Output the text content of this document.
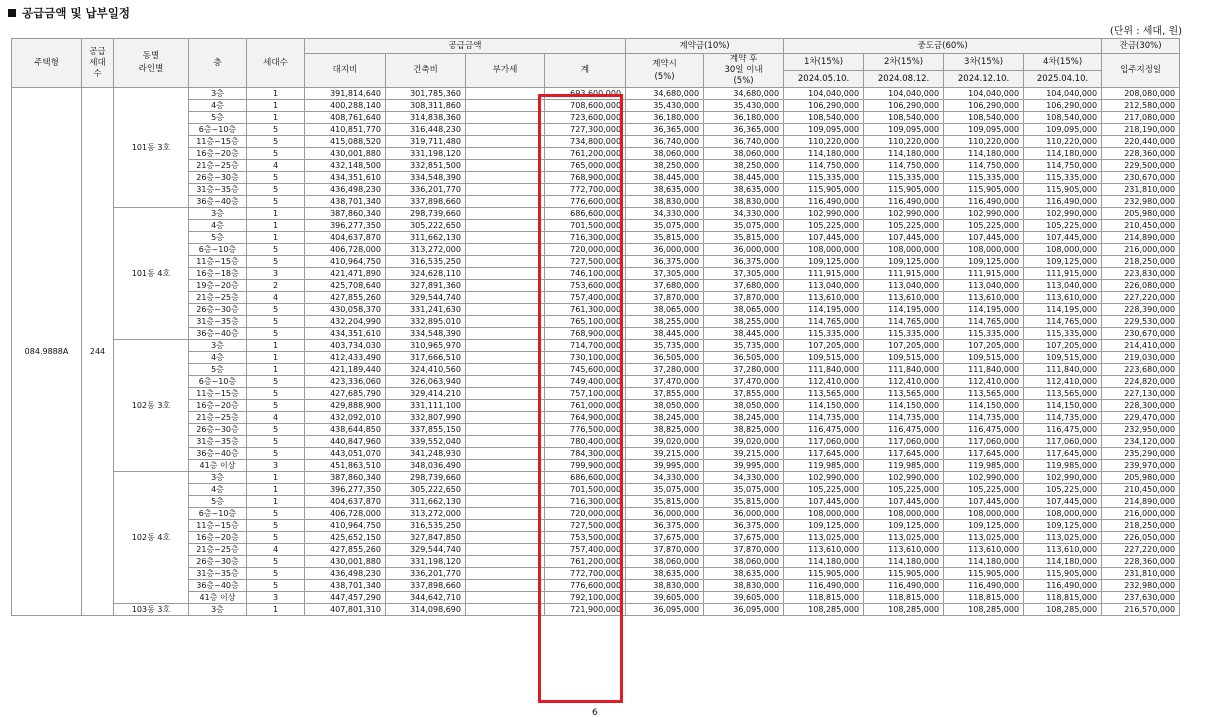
공급금액 및 납부일정
(단위 : 세대, 원)
주택형	공급
세대
수	동별
라인별	층	세대수	공급금액				계약금(10%)		중도금(60%)				잔금(30%)
					대지비	건축비	부가세	계	계약시
(5%)	계약 후
30일 이내
(5%)	1차(15%)	2차(15%)	3차(15%)	4차(15%)	입주지정일
											2024.05.10.	2024.08.12.	2024.12.10.	2025.04.10.	
084.9888A	244	101동 3호	3층	1	391,814,640	301,785,360		693,600,000	34,680,000	34,680,000	104,040,000	104,040,000	104,040,000	104,040,000	208,080,000
			4층	1	400,288,140	308,311,860		708,600,000	35,430,000	35,430,000	106,290,000	106,290,000	106,290,000	106,290,000	212,580,000
			5층	1	408,761,640	314,838,360		723,600,000	36,180,000	36,180,000	108,540,000	108,540,000	108,540,000	108,540,000	217,080,000
			6층~10층	5	410,851,770	316,448,230		727,300,000	36,365,000	36,365,000	109,095,000	109,095,000	109,095,000	109,095,000	218,190,000
			11층~15층	5	415,088,520	319,711,480		734,800,000	36,740,000	36,740,000	110,220,000	110,220,000	110,220,000	110,220,000	220,440,000
			16층~20층	5	430,001,880	331,198,120		761,200,000	38,060,000	38,060,000	114,180,000	114,180,000	114,180,000	114,180,000	228,360,000
			21층~25층	4	432,148,500	332,851,500		765,000,000	38,250,000	38,250,000	114,750,000	114,750,000	114,750,000	114,750,000	229,500,000
			26층~30층	5	434,351,610	334,548,390		768,900,000	38,445,000	38,445,000	115,335,000	115,335,000	115,335,000	115,335,000	230,670,000
			31층~35층	5	436,498,230	336,201,770		772,700,000	38,635,000	38,635,000	115,905,000	115,905,000	115,905,000	115,905,000	231,810,000
			36층~40층	5	438,701,340	337,898,660		776,600,000	38,830,000	38,830,000	116,490,000	116,490,000	116,490,000	116,490,000	232,980,000
		101동 4호	3층	1	387,860,340	298,739,660		686,600,000	34,330,000	34,330,000	102,990,000	102,990,000	102,990,000	102,990,000	205,980,000
			4층	1	396,277,350	305,222,650		701,500,000	35,075,000	35,075,000	105,225,000	105,225,000	105,225,000	105,225,000	210,450,000
			5층	1	404,637,870	311,662,130		716,300,000	35,815,000	35,815,000	107,445,000	107,445,000	107,445,000	107,445,000	214,890,000
			6층~10층	5	406,728,000	313,272,000		720,000,000	36,000,000	36,000,000	108,000,000	108,000,000	108,000,000	108,000,000	216,000,000
			11층~15층	5	410,964,750	316,535,250		727,500,000	36,375,000	36,375,000	109,125,000	109,125,000	109,125,000	109,125,000	218,250,000
			16층~18층	3	421,471,890	324,628,110		746,100,000	37,305,000	37,305,000	111,915,000	111,915,000	111,915,000	111,915,000	223,830,000
			19층~20층	2	425,708,640	327,891,360		753,600,000	37,680,000	37,680,000	113,040,000	113,040,000	113,040,000	113,040,000	226,080,000
			21층~25층	4	427,855,260	329,544,740		757,400,000	37,870,000	37,870,000	113,610,000	113,610,000	113,610,000	113,610,000	227,220,000
			26층~30층	5	430,058,370	331,241,630		761,300,000	38,065,000	38,065,000	114,195,000	114,195,000	114,195,000	114,195,000	228,390,000
			31층~35층	5	432,204,990	332,895,010		765,100,000	38,255,000	38,255,000	114,765,000	114,765,000	114,765,000	114,765,000	229,530,000
			36층~40층	5	434,351,610	334,548,390		768,900,000	38,445,000	38,445,000	115,335,000	115,335,000	115,335,000	115,335,000	230,670,000
		102동 3호	3층	1	403,734,030	310,965,970		714,700,000	35,735,000	35,735,000	107,205,000	107,205,000	107,205,000	107,205,000	214,410,000
			4층	1	412,433,490	317,666,510		730,100,000	36,505,000	36,505,000	109,515,000	109,515,000	109,515,000	109,515,000	219,030,000
			5층	1	421,189,440	324,410,560		745,600,000	37,280,000	37,280,000	111,840,000	111,840,000	111,840,000	111,840,000	223,680,000
			6층~10층	5	423,336,060	326,063,940		749,400,000	37,470,000	37,470,000	112,410,000	112,410,000	112,410,000	112,410,000	224,820,000
			11층~15층	5	427,685,790	329,414,210		757,100,000	37,855,000	37,855,000	113,565,000	113,565,000	113,565,000	113,565,000	227,130,000
			16층~20층	5	429,888,900	331,111,100		761,000,000	38,050,000	38,050,000	114,150,000	114,150,000	114,150,000	114,150,000	228,300,000
			21층~25층	4	432,092,010	332,807,990		764,900,000	38,245,000	38,245,000	114,735,000	114,735,000	114,735,000	114,735,000	229,470,000
			26층~30층	5	438,644,850	337,855,150		776,500,000	38,825,000	38,825,000	116,475,000	116,475,000	116,475,000	116,475,000	232,950,000
			31층~35층	5	440,847,960	339,552,040		780,400,000	39,020,000	39,020,000	117,060,000	117,060,000	117,060,000	117,060,000	234,120,000
			36층~40층	5	443,051,070	341,248,930		784,300,000	39,215,000	39,215,000	117,645,000	117,645,000	117,645,000	117,645,000	235,290,000
			41층 이상	3	451,863,510	348,036,490		799,900,000	39,995,000	39,995,000	119,985,000	119,985,000	119,985,000	119,985,000	239,970,000
		102동 4호	3층	1	387,860,340	298,739,660		686,600,000	34,330,000	34,330,000	102,990,000	102,990,000	102,990,000	102,990,000	205,980,000
			4층	1	396,277,350	305,222,650		701,500,000	35,075,000	35,075,000	105,225,000	105,225,000	105,225,000	105,225,000	210,450,000
			5층	1	404,637,870	311,662,130		716,300,000	35,815,000	35,815,000	107,445,000	107,445,000	107,445,000	107,445,000	214,890,000
			6층~10층	5	406,728,000	313,272,000		720,000,000	36,000,000	36,000,000	108,000,000	108,000,000	108,000,000	108,000,000	216,000,000
			11층~15층	5	410,964,750	316,535,250		727,500,000	36,375,000	36,375,000	109,125,000	109,125,000	109,125,000	109,125,000	218,250,000
			16층~20층	5	425,652,150	327,847,850		753,500,000	37,675,000	37,675,000	113,025,000	113,025,000	113,025,000	113,025,000	226,050,000
			21층~25층	4	427,855,260	329,544,740		757,400,000	37,870,000	37,870,000	113,610,000	113,610,000	113,610,000	113,610,000	227,220,000
			26층~30층	5	430,001,880	331,198,120		761,200,000	38,060,000	38,060,000	114,180,000	114,180,000	114,180,000	114,180,000	228,360,000
			31층~35층	5	436,498,230	336,201,770		772,700,000	38,635,000	38,635,000	115,905,000	115,905,000	115,905,000	115,905,000	231,810,000
			36층~40층	5	438,701,340	337,898,660		776,600,000	38,830,000	38,830,000	116,490,000	116,490,000	116,490,000	116,490,000	232,980,000
			41층 이상	3	447,457,290	344,642,710		792,100,000	39,605,000	39,605,000	118,815,000	118,815,000	118,815,000	118,815,000	237,630,000
		103동 3호	3층	1	407,801,310	314,098,690		721,900,000	36,095,000	36,095,000	108,285,000	108,285,000	108,285,000	108,285,000	216,570,000
6
